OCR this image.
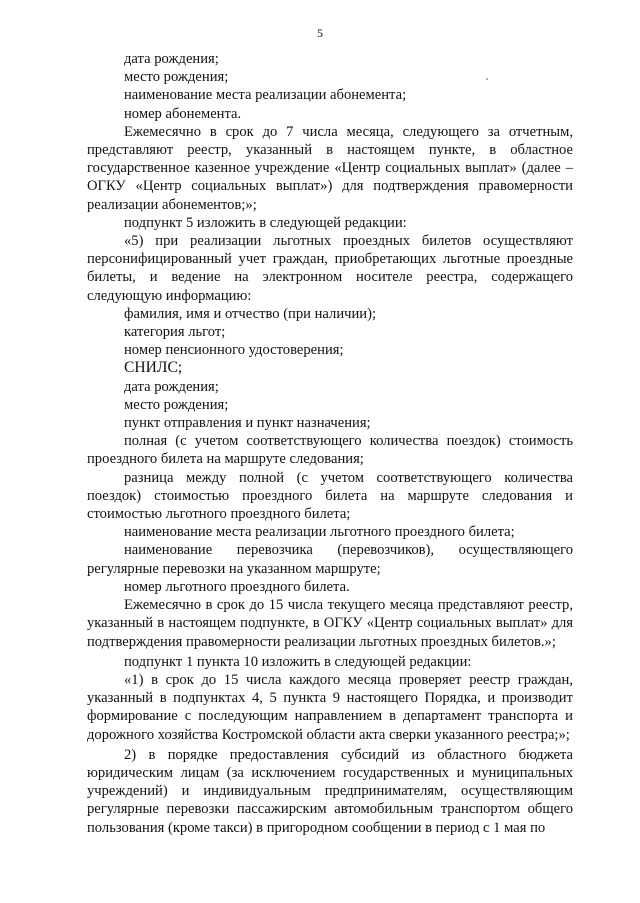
5

дата рождения;

место рождения;

наименование места реализации абонемента;

номер абонемента.

Ежемесячно в срок до 7 числа месяца, следующего за отчетным, представляют реестр, указанный в настоящем пункте, в областное государственное казенное учреждение «Центр социальных выплат» (далее – ОГКУ «Центр социальных выплат») для подтверждения правомерности реализации абонементов;»;

подпункт 5 изложить в следующей редакции:

«5) при реализации льготных проездных билетов осуществляют персонифицированный учет граждан, приобретающих льготные проездные билеты, и ведение на электронном носителе реестра, содержащего следующую информацию:

фамилия, имя и отчество (при наличии);

категория льгот;

номер пенсионного удостоверения;

СНИЛС;

дата рождения;

место рождения;

пункт отправления и пункт назначения;

полная (с учетом соответствующего количества поездок) стоимость проездного билета на маршруте следования;

разница между полной (с учетом соответствующего количества поездок) стоимостью проездного билета на маршруте следования и стоимостью льготного проездного билета;

наименование места реализации льготного проездного билета;

наименование перевозчика (перевозчиков), осуществляющего регулярные перевозки на указанном маршруте;

номер льготного проездного билета.

Ежемесячно в срок до 15 числа текущего месяца представляют реестр, указанный в настоящем подпункте, в ОГКУ «Центр социальных выплат» для подтверждения правомерности реализации льготных проездных билетов.»;

подпункт 1 пункта 10 изложить в следующей редакции:

«1) в срок до 15 числа каждого месяца проверяет реестр граждан, указанный в подпунктах 4, 5 пункта 9 настоящего Порядка, и производит формирование с последующим направлением в департамент транспорта и дорожного хозяйства Костромской области акта сверки указанного реестра;»;

2) в порядке предоставления субсидий из областного бюджета юридическим лицам (за исключением государственных и муниципальных учреждений) и индивидуальным предпринимателям, осуществляющим регулярные перевозки пассажирским автомобильным транспортом общего пользования (кроме такси) в пригородном сообщении в период с 1 мая по
